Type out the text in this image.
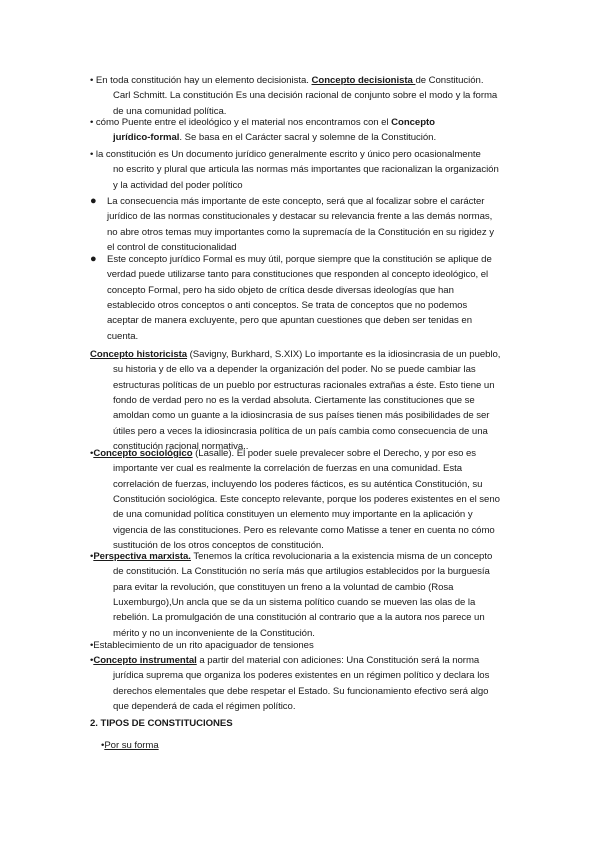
• En toda constitución hay un elemento decisionista. Concepto decisionista de Constitución.
Carl Schmitt. La constitución Es una decisión racional de conjunto sobre el modo y la forma
de una comunidad política.
• cómo Puente entre el ideológico y el material nos encontramos con el Concepto
jurídico-formal. Se basa en el Carácter sacral y solemne de la Constitución.
• la constitución es Un documento jurídico generalmente escrito y único pero ocasionalmente
no escrito y plural que articula las normas más importantes que racionalizan la organización
y la actividad del poder político
● La consecuencia más importante de este concepto, será que al focalizar sobre el carácter
jurídico de las normas constitucionales y destacar su relevancia frente a las demás normas,
no abre otros temas muy importantes como la supremacía de la Constitución en su rigidez y
el control de constitucionalidad
● Este concepto jurídico Formal es muy útil, porque siempre que la constitución se aplique de
verdad puede utilizarse tanto para constituciones que responden al concepto ideológico, el
concepto Formal, pero ha sido objeto de crítica desde diversas ideologías que han
establecido otros conceptos o anti conceptos. Se trata de conceptos que no podemos
aceptar de manera excluyente, pero que apuntan cuestiones que deben ser tenidas en
cuenta.
Concepto historicista (Savigny, Burkhard, S.XIX) Lo importante es la idiosincrasia de un pueblo,
su historia y de ello va a depender la organización del poder. No se puede cambiar las
estructuras políticas de un pueblo por estructuras racionales extrañas a éste. Esto tiene un
fondo de verdad pero no es la verdad absoluta. Ciertamente las constituciones que se
amoldan como un guante a la idiosincrasia de sus países tienen más posibilidades de ser
útiles pero a veces la idiosincrasia política de un país cambia como consecuencia de una
constitución racional normativa..
•Concepto sociológico (Lasalle). El poder suele prevalecer sobre el Derecho, y por eso es
importante ver cual es realmente la correlación de fuerzas en una comunidad. Esta
correlación de fuerzas, incluyendo los poderes fácticos, es su auténtica Constitución, su
Constitución sociológica. Este concepto relevante, porque los poderes existentes en el seno
de una comunidad política constituyen un elemento muy importante en la aplicación y
vigencia de las constituciones. Pero es relevante como Matisse a tener en cuenta no cómo
sustitución de los otros conceptos de constitución.
•Perspectiva marxista. Tenemos la crítica revolucionaria a la existencia misma de un concepto
de constitución. La Constitución no sería más que artilugios establecidos por la burguesía
para evitar la revolución, que constituyen un freno a la voluntad de cambio (Rosa
Luxemburgo),Un ancla que se da un sistema político cuando se mueven las olas de la
rebelión. La promulgación de una constitución al contrario que a la autora nos parece un
mérito y no un inconveniente de la Constitución.
•Establecimiento de un rito apaciguador de tensiones
•Concepto instrumental a partir del material con adiciones: Una Constitución será la norma
jurídica suprema que organiza los poderes existentes en un régimen político y declara los
derechos elementales que debe respetar el Estado. Su funcionamiento efectivo será algo
que dependerá de cada el régimen político.
2. TIPOS DE CONSTITUCIONES
•Por su forma
